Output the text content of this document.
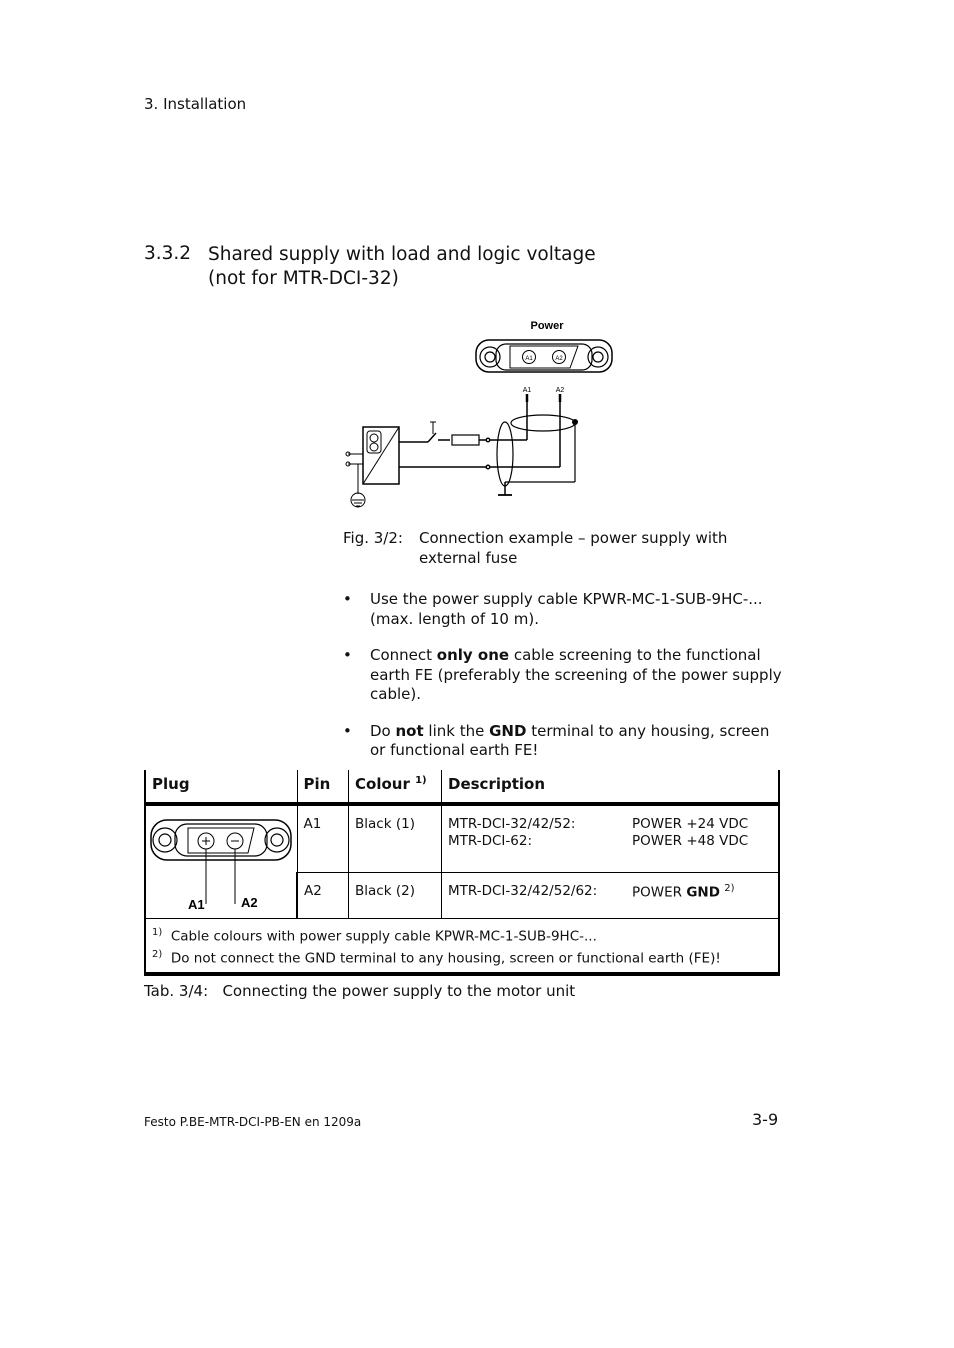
3. Installation
3.3.2 Shared supply with load and logic voltage
(not for MTR-DCI-32)
Power
A1	A2
A1	A2
Fig. 3/2: Connection example – power supply with external fuse
• Use the power supply cable KPWR-MC-1-SUB-9HC-... (max. length of 10 m).
• Connect only one cable screening to the functional earth FE (preferably the screening of the power supply cable).
• Do not link the GND terminal to any housing, screen or functional earth FE!
Plug	Pin	Colour $^{1)}$	Description

A1 A2	A1	Black (1)	MTR-DCI-32/42/52: POWER +24 VDC
MTR-DCI-62: POWER +48 VDC

	A2	Black (2)	MTR-DCI-32/42/52/62: POWER GND $^{2)}$

$^{1)}$ Cable colours with power supply cable KPWR-MC-1-SUB-9HC-...
$^{2)}$ Do not connect the GND terminal to any housing, screen or functional earth (FE)!			
Tab. 3/4: Connecting the power supply to the motor unit
Festo P.BE-MTR-DCI-PB-EN en 1209a	3-9
